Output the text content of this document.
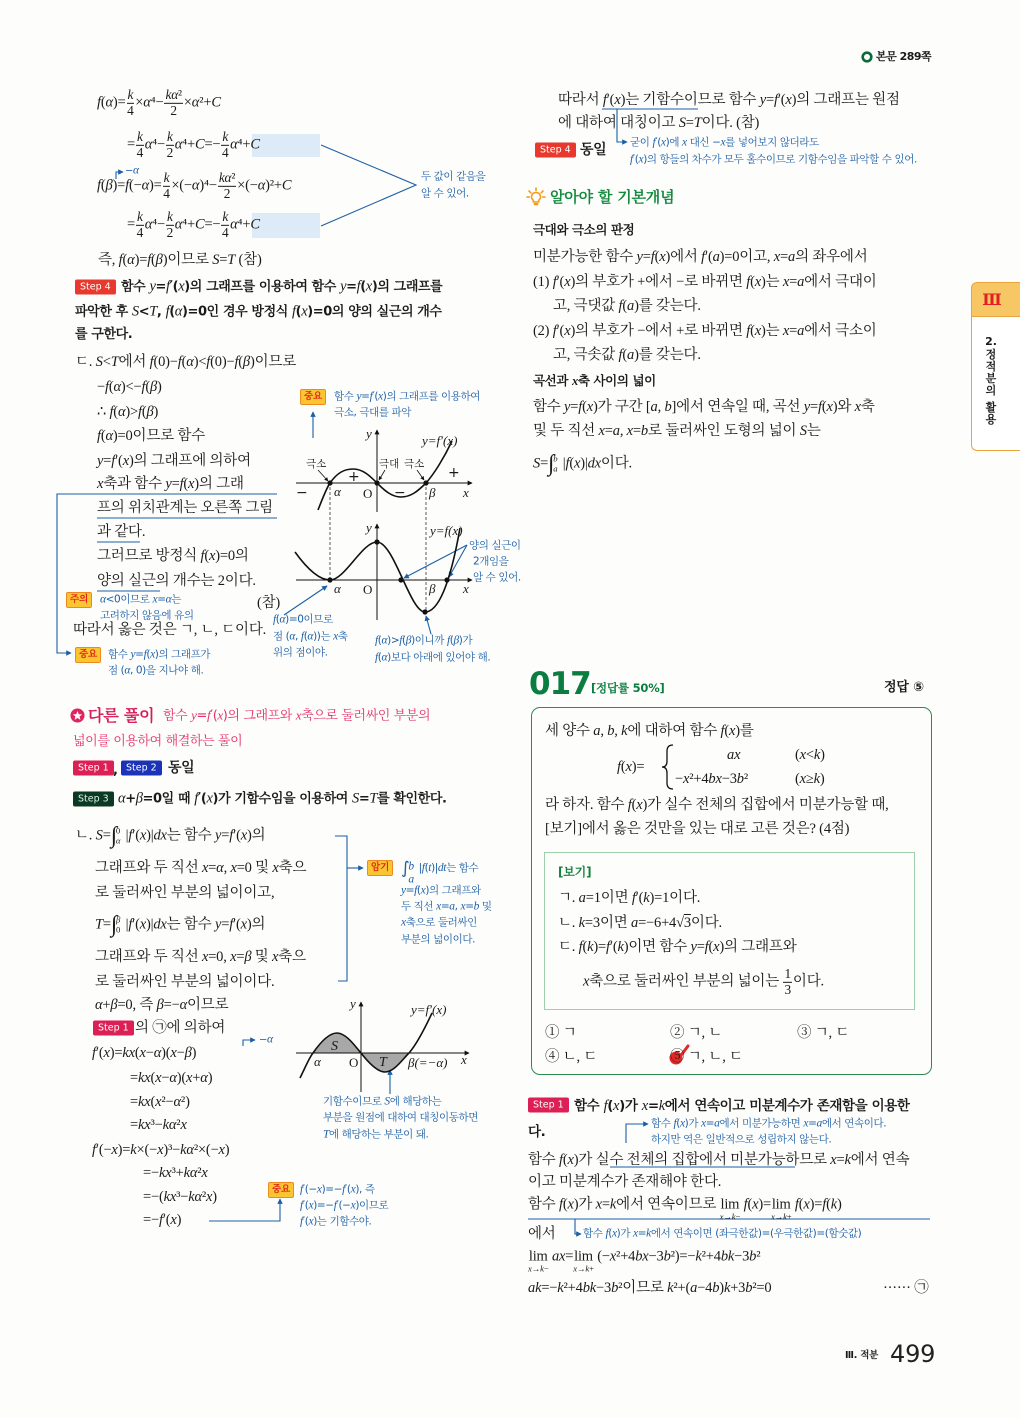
y
x
O
α	β
y=f′(x)
극소	극대 극소
−
+
−
+
y
x
O
α	β
y=f(x)
y	y=f′(x)
S
T
α O	β(=−α) x
본문 289쪽
Ⅲ
2.
정
적
분
의
활
용
$f(\alpha)= \frac{k}{4} \times\alpha^4- \frac{\text{kα²}}{2} \times\alpha^2+C$
= $\frac{k}{4} \alpha^4- \frac{k}{2} \alpha^4+C=- \frac{k}{4} \alpha^4+C$
$f(\beta)=f(-\alpha)= \frac{k}{4} \times(-\alpha)^4- \frac{\text{kα²}}{2} \times(-\alpha)^2+C$
= $\frac{k}{4} \alpha^4- \frac{k}{2} \alpha^4+C=- \frac{k}{4} \alpha^4+C$
즉, f(α)=f(β)이므로 S=T (참)
−α	두 값이 같음을
알 수 있어.
Step 4 함수 y=f′(x)의 그래프를 이용하여 함수 y=f(x)의 그래프를
파악한 후 S<T, f(α)=0인 경우 방정식 f(x)=0의 양의 실근의 개수
를 구한다.
ㄷ. S<T에서 f(0)−f(α)<f(0)−f(β)이므로
−f(α)<−f(β)
∴ f(α)>f(β)
f(α)=0이므로 함수
y=f′(x)의 그래프에 의하여
x축과 함수 y=f(x)의 그래
프의 위치관계는 오른쪽 그림
과 같다.
그러므로 방정식 f(x)=0의
양의 실근의 개수는 2이다.
(참)
따라서 옳은 것은 ㄱ, ㄴ, ㄷ이다.
중요	함수 y=f′(x)의 그래프를 이용하여
극소, 극대를 파악
주의	α<0이므로 x=α는
고려하지 않음에 유의
중요	함수 y=f(x)의 그래프가
점 (α, 0)을 지나야 해.
양의 실근이
2개임을
알 수 있어.
f(α)=0이므로
점 (α, f(α))는 x축
위의 점이야.
f(α)>f(β)이니까 f(β)가
f(α)보다 아래에 있어야 해.
다른 풀이 함수 y=f′(x)의 그래프와 x축으로 둘러싸인 부분의
넓이를 이용하여 해결하는 풀이
Step 1 , Step 2 동일
Step 3 α+β=0일 때 f′(x)가 기함수임을 이용하여 S=T를 확인한다.
ㄴ. S= ∫ 0
α |f′(x)|dx는 함수 y=f′(x)의
그래프와 두 직선 x=α, x=0 및 x축으
로 둘러싸인 부분의 넓이이고,
T= ∫ β
0 |f′(x)|dx는 함수 y=f′(x)의
그래프와 두 직선 x=0, x=β 및 x축으
로 둘러싸인 부분의 넓이이다.
α+β=0, 즉 β=−α이므로
Step 1 의 ㉠에 의하여
f′(x)=kx(x−α)(x−β)
=kx(x−α)(x+α)
=kx(x²−α²)
=kx³−kα²x
f′(−x)=k×(−x)³−kα²×(−x)
=−kx³+kα²x
=−(kx³−kα²x)
=−f′(x)
−α
암기 ∫ b
a
|f(t)|dt는 함수
y=f(x)의 그래프와
두 직선 x=a, x=b 및
x축으로 둘러싸인
부분의 넓이이다.
기함수이므로 S에 해당하는
부분을 원점에 대하여 대칭이동하면
T에 해당하는 부분이 돼.
중요 f′(−x)=−f′(x), 즉
f′(x)=−f′(−x)이므로
f′(x)는 기함수야.
따라서 f′(x)는 기함수이므로 함수 y=f′(x)의 그래프는 원점
에 대하여 대칭이고 S=T이다. (참)
Step 4 동일 굳이 f′(x)에 x 대신 −x를 넣어보지 않더라도
f′(x)의 항들의 차수가 모두 홀수이므로 기함수임을 파악할 수 있어.
알아야 할 기본개념
극대와 극소의 판정
미분가능한 함수 y=f(x)에서 f′(a)=0이고, x=a의 좌우에서
(1) f′(x)의 부호가 +에서 −로 바뀌면 f(x)는 x=a에서 극대이
고, 극댓값 f(a)를 갖는다.
(2) f′(x)의 부호가 −에서 +로 바뀌면 f(x)는 x=a에서 극소이
고, 극솟값 f(a)를 갖는다.
곡선과 x축 사이의 넓이
함수 y=f(x)가 구간 [a, b]에서 연속일 때, 곡선 y=f(x)와 x축
및 두 직선 x=a, x=b로 둘러싸인 도형의 넓이 S는
S= ∫ b
a |f(x)|dx이다.
017 [정답률 50%]	정답 ⑤
세 양수 a, b, k에 대하여 함수 f(x)를
f(x)=
ax	(x<k)
−x²+4bx−3b²	(x≥k)
라 하자. 함수 f(x)가 실수 전체의 집합에서 미분가능할 때,
[보기]에서 옳은 것만을 있는 대로 고른 것은? (4점)
[보기]
ㄱ. a=1이면 f′(k)=1이다.
ㄴ. k=3이면 a=−6+4√3이다.
ㄷ. f(k)=f′(k)이면 함수 y=f(x)의 그래프와
x축으로 둘러싸인 부분의 넓이는 $\frac{1}{3}$ 이다.
① ㄱ	② ㄱ, ㄴ	③ ㄱ, ㄷ
④ ㄴ, ㄷ	⑤ ㄱ, ㄴ, ㄷ
Step 1 함수 f(x)가 x=k에서 연속이고 미분계수가 존재함을 이용한
다.
함수 f(x)가 x=a에서 미분가능하면 x=a에서 연속이다.
하지만 역은 일반적으로 성립하지 않는다.
함수 f(x)가 실수 전체의 집합에서 미분가능하므로 x=k에서 연속
이고 미분계수가 존재해야 한다.
함수 f(x)가 x=k에서 연속이므로 lim
x→k−
f(x)= lim
x→k+
f(x)=f(k)
에서	함수 f(x)가 x=k에서 연속이면 (좌극한값)=(우극한값)=(함숫값)
lim
x→k−
ax= lim
x→k+
(−x²+4bx−3b²)=−k²+4bk−3b²
ak=−k²+4bk−3b²이므로 k²+(a−4b)k+3b²=0	······ ㉠
Ⅲ. 적분 499
